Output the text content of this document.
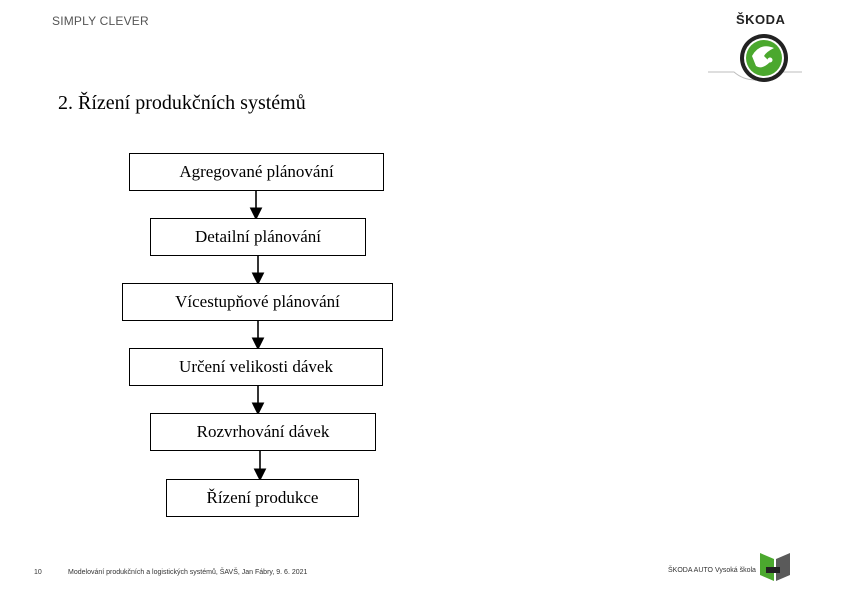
SIMPLY CLEVER	ŠKODA
2. Řízení produkčních systémů
Agregované plánování
Detailní plánování
Vícestupňové plánování
Určení velikosti dávek
Rozvrhování dávek
Řízení produkce
10	Modelování produkčních a logistických systémů, ŠAVŠ, Jan Fábry, 9. 6. 2021	ŠKODA AUTO Vysoká škola
